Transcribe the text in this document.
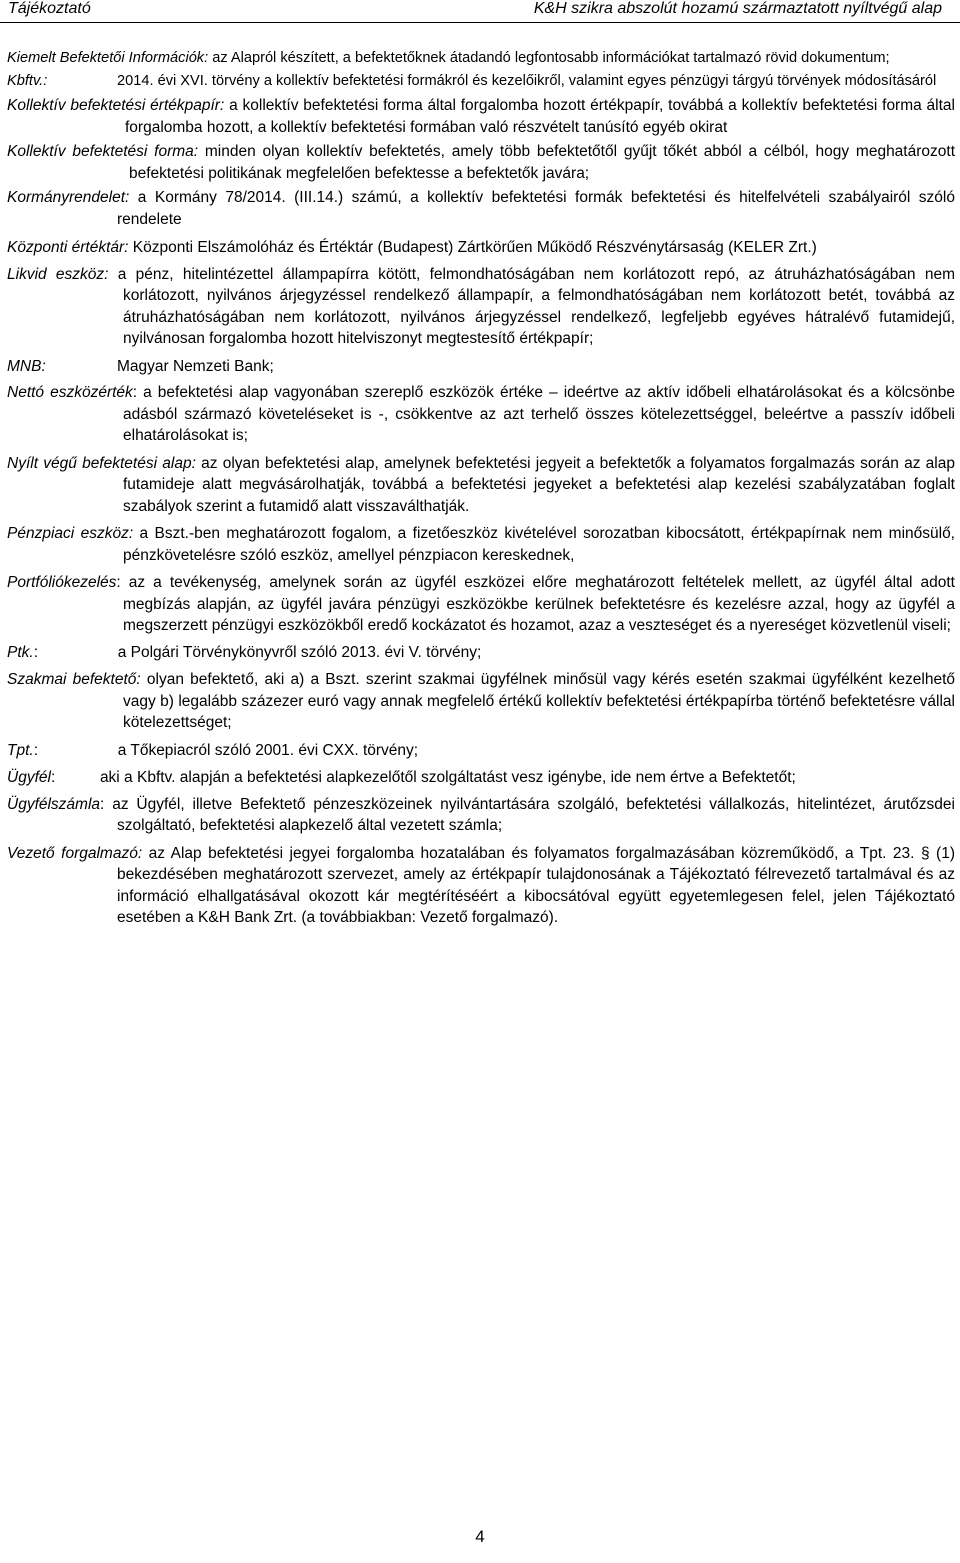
Tájékoztató	K&H szikra abszolút hozamú származtatott nyíltvégű alap
Kiemelt Befektetői Információk: az Alapról készített, a befektetőknek átadandó legfontosabb információkat tartalmazó rövid dokumentum;
Kbftv.:	2014. évi XVI. törvény a kollektív befektetési formákról és kezelőikről, valamint egyes pénzügyi tárgyú törvények módosításáról
Kollektív befektetési értékpapír: a kollektív befektetési forma által forgalomba hozott értékpapír, továbbá a kollektív befektetési forma által forgalomba hozott, a kollektív befektetési formában való részvételt tanúsító egyéb okirat
Kollektív befektetési forma: minden olyan kollektív befektetés, amely több befektetőtől gyűjt tőkét abból a célból, hogy meghatározott befektetési politikának megfelelően befektesse a befektetők javára;
Kormányrendelet: a Kormány 78/2014. (III.14.) számú, a kollektív befektetési formák befektetési és hitelfelvételi szabályairól szóló rendelete
Központi értéktár: Központi Elszámolóház és Értéktár (Budapest) Zártkörűen Működő Részvénytársaság (KELER Zrt.)
Likvid eszköz: a pénz, hitelintézettel állampapírra kötött, felmondhatóságában nem korlátozott repó, az átruházhatóságában nem korlátozott, nyilvános árjegyzéssel rendelkező állampapír, a felmondhatóságában nem korlátozott betét, továbbá az átruházhatóságában nem korlátozott, nyilvános árjegyzéssel rendelkező, legfeljebb egyéves hátralévő futamidejű, nyilvánosan forgalomba hozott hitelviszonyt megtestesítő értékpapír;
MNB:	Magyar Nemzeti Bank;
Nettó eszközérték: a befektetési alap vagyonában szereplő eszközök értéke – ideértve az aktív időbeli elhatárolásokat és a kölcsönbe adásból származó követeléseket is -, csökkentve az azt terhelő összes kötelezettséggel, beleértve a passzív időbeli elhatárolásokat is;
Nyílt végű befektetési alap: az olyan befektetési alap, amelynek befektetési jegyeit a befektetők a folyamatos forgalmazás során az alap futamideje alatt megvásárolhatják, továbbá a befektetési jegyeket a befektetési alap kezelési szabályzatában foglalt szabályok szerint a futamidő alatt visszaválthatják.
Pénzpiaci eszköz: a Bszt.-ben meghatározott fogalom, a fizetőeszköz kivételével sorozatban kibocsátott, értékpapírnak nem minősülő, pénzkövetelésre szóló eszköz, amellyel pénzpiacon kereskednek,
Portfóliókezelés: az a tevékenység, amelynek során az ügyfél eszközei előre meghatározott feltételek mellett, az ügyfél által adott megbízás alapján, az ügyfél javára pénzügyi eszközökbe kerülnek befektetésre és kezelésre azzal, hogy az ügyfél a megszerzett pénzügyi eszközökből eredő kockázatot és hozamot, azaz a veszteséget és a nyereséget közvetlenül viseli;
Ptk.:	a Polgári Törvénykönyvről szóló 2013. évi V. törvény;
Szakmai befektető: olyan befektető, aki a) a Bszt. szerint szakmai ügyfélnek minősül vagy kérés esetén szakmai ügyfélként kezelhető vagy b) legalább százezer euró vagy annak megfelelő értékű kollektív befektetési értékpapírba történő befektetésre vállal kötelezettséget;
Tpt.:	a Tőkepiacról szóló 2001. évi CXX. törvény;
Ügyfél:	aki a Kbftv. alapján a befektetési alapkezelőtől szolgáltatást vesz igénybe, ide nem értve a Befektetőt;
Ügyfélszámla: az Ügyfél, illetve Befektető pénzeszközeinek nyilvántartására szolgáló, befektetési vállalkozás, hitelintézet, árutőzsdei szolgáltató, befektetési alapkezelő által vezetett számla;
Vezető forgalmazó: az Alap befektetési jegyei forgalomba hozatalában és folyamatos forgalmazásában közreműködő, a Tpt. 23. § (1) bekezdésében meghatározott szervezet, amely az értékpapír tulajdonosának a Tájékoztató félrevezető tartalmával és az információ elhallgatásával okozott kár megtérítéséért a kibocsátóval együtt egyetemlegesen felel, jelen Tájékoztató esetében a K&H Bank Zrt. (a továbbiakban: Vezető forgalmazó).
4
